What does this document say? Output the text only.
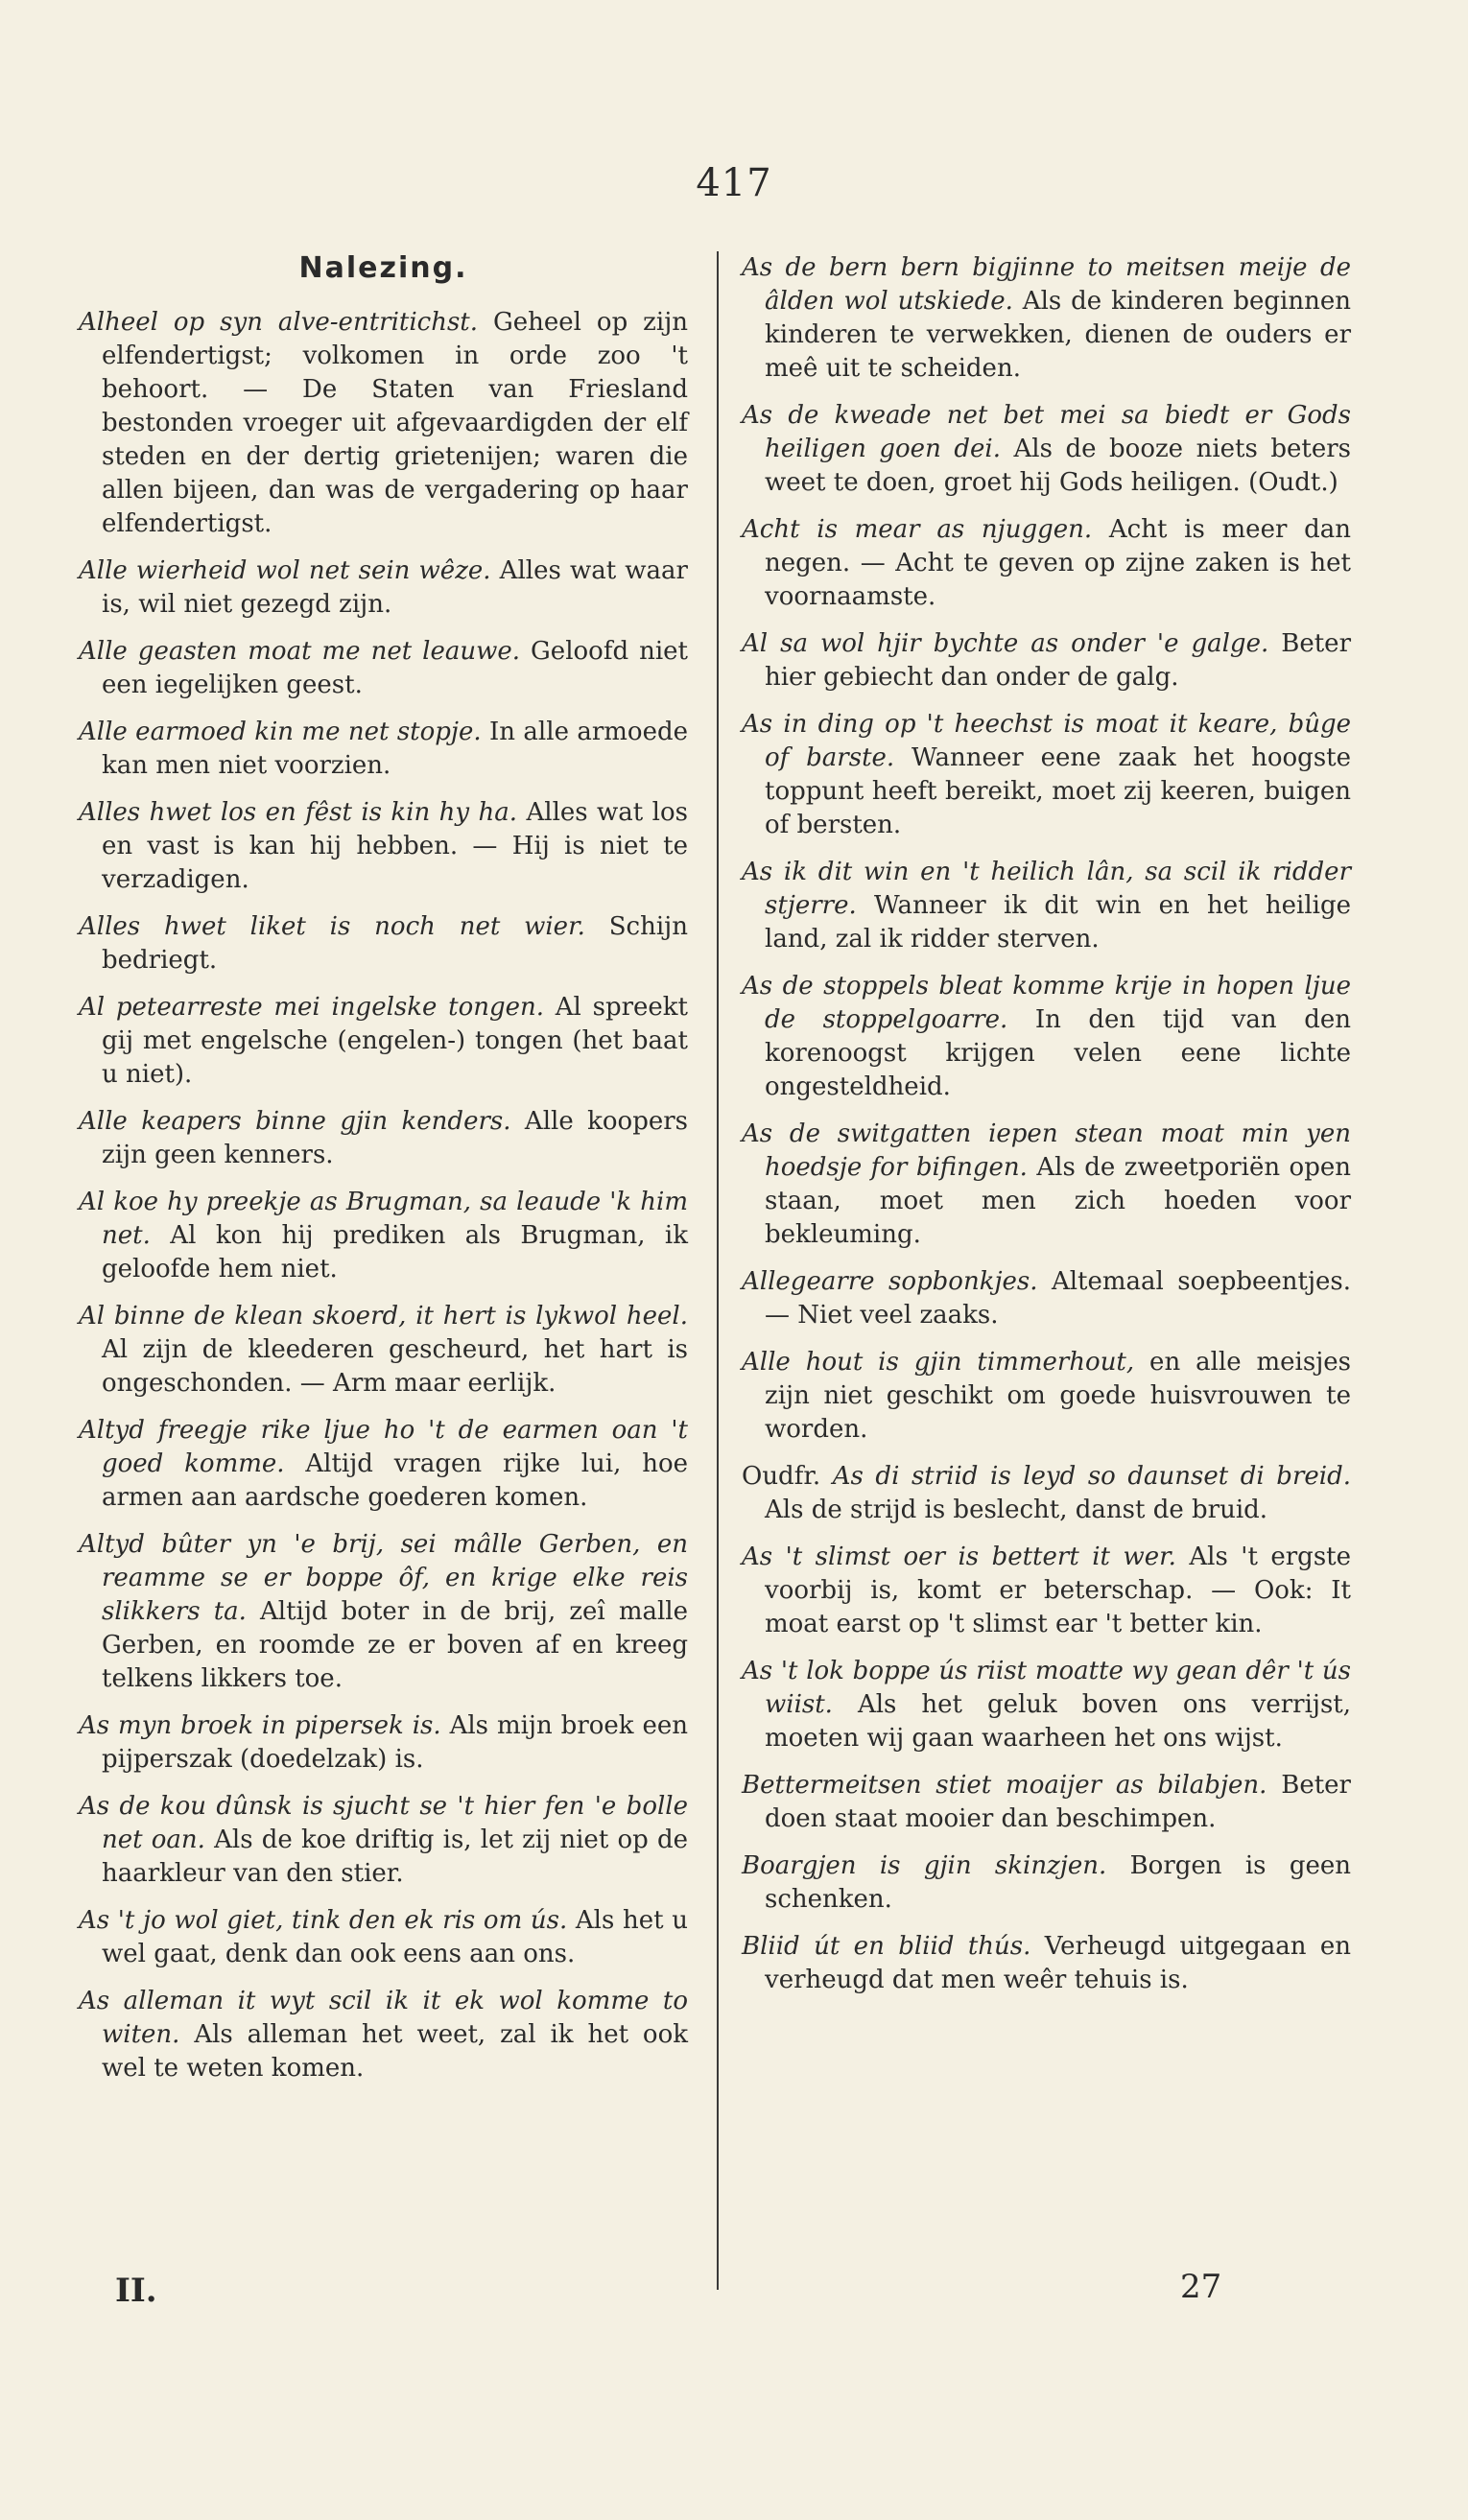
417
Nalezing.
Alheel op syn alve-entritichst. Geheel op zijn elfendertigst; volkomen in orde zoo 't behoort. — De Staten van Friesland bestonden vroeger uit afgevaardigden der elf steden en der dertig grietenijen; waren die allen bijeen, dan was de vergadering op haar elfendertigst.
Alle wierheid wol net sein wêze. Alles wat waar is, wil niet gezegd zijn.
Alle geasten moat me net leauwe. Geloofd niet een iegelijken geest.
Alle earmoed kin me net stopje. In alle armoede kan men niet voorzien.
Alles hwet los en fêst is kin hy ha. Alles wat los en vast is kan hij hebben. — Hij is niet te verzadigen.
Alles hwet liket is noch net wier. Schijn bedriegt.
Al petearreste mei ingelske tongen. Al spreekt gij met engelsche (engelen-) tongen (het baat u niet).
Alle keapers binne gjin kenders. Alle koopers zijn geen kenners.
Al koe hy preekje as Brugman, sa leaude 'k him net. Al kon hij prediken als Brugman, ik geloofde hem niet.
Al binne de klean skoerd, it hert is lykwol heel. Al zijn de kleederen gescheurd, het hart is ongeschonden. — Arm maar eerlijk.
Altyd freegje rike ljue ho 't de earmen oan 't goed komme. Altijd vragen rijke lui, hoe armen aan aardsche goederen komen.
Altyd bûter yn 'e brij, sei mâlle Gerben, en reamme se er boppe ôf, en krige elke reis slikkers ta. Altijd boter in de brij, zeî malle Gerben, en roomde ze er boven af en kreeg telkens likkers toe.
As myn broek in pipersek is. Als mijn broek een pijperszak (doedelzak) is.
As de kou dûnsk is sjucht se 't hier fen 'e bolle net oan. Als de koe driftig is, let zij niet op de haarkleur van den stier.
As 't jo wol giet, tink den ek ris om ús. Als het u wel gaat, denk dan ook eens aan ons.
As alleman it wyt scil ik it ek wol komme to witen. Als alleman het weet, zal ik het ook wel te weten komen.
As de bern bern bigjinne to meitsen meije de âlden wol utskiede. Als de kinderen beginnen kinderen te verwekken, dienen de ouders er meê uit te scheiden.
As de kweade net bet mei sa biedt er Gods heiligen goen dei. Als de booze niets beters weet te doen, groet hij Gods heiligen. (Oudt.)
Acht is mear as njuggen. Acht is meer dan negen. — Acht te geven op zijne zaken is het voornaamste.
Al sa wol hjir bychte as onder 'e galge. Beter hier gebiecht dan onder de galg.
As in ding op 't heechst is moat it keare, bûge of barste. Wanneer eene zaak het hoogste toppunt heeft bereikt, moet zij keeren, buigen of bersten.
As ik dit win en 't heilich lân, sa scil ik ridder stjerre. Wanneer ik dit win en het heilige land, zal ik ridder sterven.
As de stoppels bleat komme krije in hopen ljue de stoppelgoarre. In den tijd van den korenoogst krijgen velen eene lichte ongesteldheid.
As de switgatten iepen stean moat min yen hoedsje for bifingen. Als de zweetporiën open staan, moet men zich hoeden voor bekleuming.
Allegearre sopbonkjes. Altemaal soepbeentjes. — Niet veel zaaks.
Alle hout is gjin timmerhout, en alle meisjes zijn niet geschikt om goede huisvrouwen te worden.
Oudfr. As di striid is leyd so daunset di breid. Als de strijd is beslecht, danst de bruid.
As 't slimst oer is bettert it wer. Als 't ergste voorbij is, komt er beterschap. — Ook: It moat earst op 't slimst ear 't better kin.
As 't lok boppe ús riist moatte wy gean dêr 't ús wiist. Als het geluk boven ons verrijst, moeten wij gaan waarheen het ons wijst.
Bettermeitsen stiet moaijer as bilabjen. Beter doen staat mooier dan beschimpen.
Boargjen is gjin skinzjen. Borgen is geen schenken.
Bliid út en bliid thús. Verheugd uitgegaan en verheugd dat men weêr tehuis is.
II.	27
